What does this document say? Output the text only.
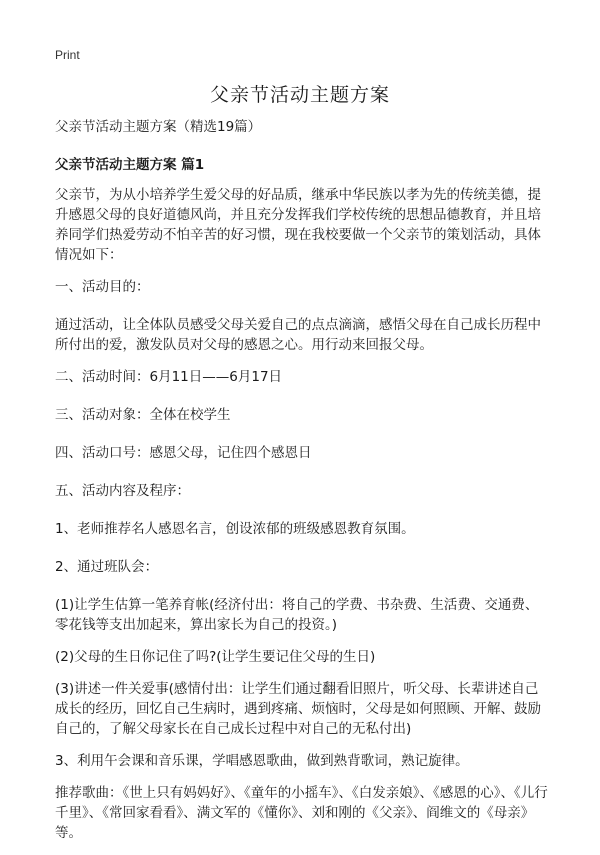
Print
父亲节活动主题方案

父亲节活动主题方案（精选19篇）

父亲节活动主题方案 篇1

父亲节，为从小培养学生爱父母的好品质，继承中华民族以孝为先的传统美德，提升感恩父母的良好道德风尚，并且充分发挥我们学校传统的思想品德教育，并且培养同学们热爱劳动不怕辛苦的好习惯，现在我校要做一个父亲节的策划活动，具体情况如下：

一、活动目的：

通过活动，让全体队员感受父母关爱自己的点点滴滴，感悟父母在自己成长历程中所付出的爱，激发队员对父母的感恩之心。用行动来回报父母。

二、活动时间：6月11日——6月17日

三、活动对象：全体在校学生

四、活动口号：感恩父母，记住四个感恩日

五、活动内容及程序：

1、老师推荐名人感恩名言，创设浓郁的班级感恩教育氛围。

2、通过班队会：

(1)让学生估算一笔养育帐(经济付出：将自己的学费、书杂费、生活费、交通费、零花钱等支出加起来，算出家长为自己的投资。)

(2)父母的生日你记住了吗?(让学生要记住父母的生日)

(3)讲述一件关爱事(感情付出：让学生们通过翻看旧照片，听父母、长辈讲述自己成长的经历，回忆自己生病时，遇到疼痛、烦恼时，父母是如何照顾、开解、鼓励自己的，了解父母家长在自己成长过程中对自己的无私付出)

3、利用午会课和音乐课，学唱感恩歌曲，做到熟背歌词，熟记旋律。

推荐歌曲：《世上只有妈妈好》、《童年的小摇车》、《白发亲娘》、《感恩的心》、《儿行千里》、《常回家看看》、满文军的《懂你》、刘和刚的《父亲》、阎维文的《母亲》等。
